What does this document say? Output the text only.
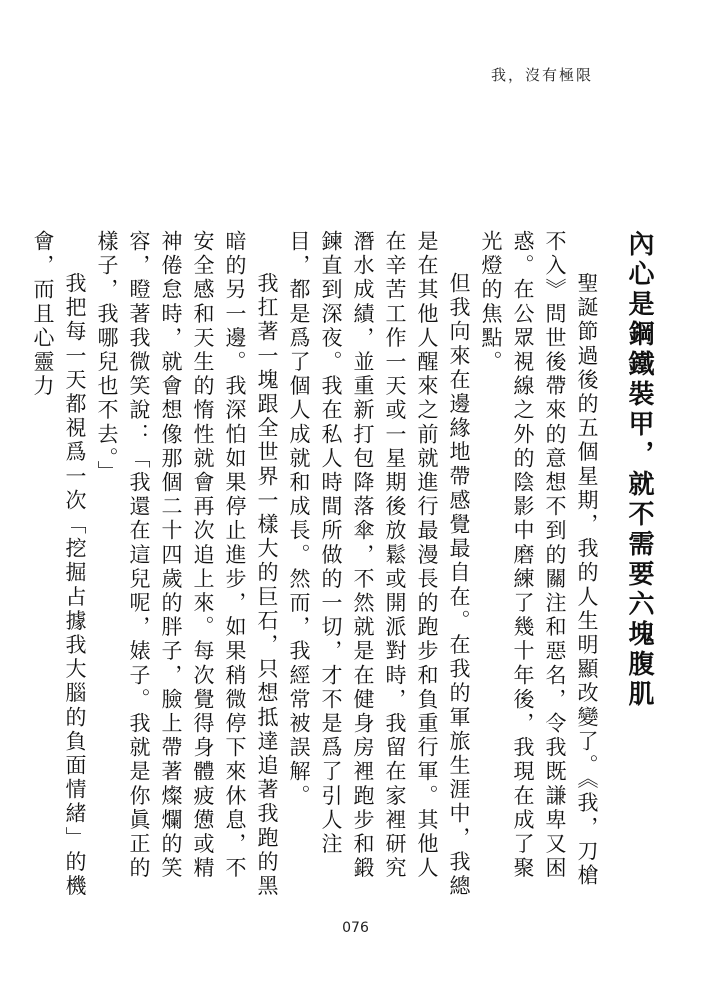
我，沒有極限
內心是鋼鐵裝甲，就不需要六塊腹肌

聖誕節過後的五個星期，我的人生明顯改變了。《我，刀槍不入》問世後帶來的意想不到的關注和惡名，令我既謙卑又困惑。在公眾視線之外的陰影中磨練了幾十年後，我現在成了聚光燈的焦點。

但我向來在邊緣地帶感覺最自在。在我的軍旅生涯中，我總是在其他人醒來之前就進行最漫長的跑步和負重行軍。其他人在辛苦工作一天或一星期後放鬆或開派對時，我留在家裡研究潛水成績，並重新打包降落傘，不然就是在健身房裡跑步和鍛鍊直到深夜。我在私人時間所做的一切，才不是爲了引人注目，都是爲了個人成就和成長。然而，我經常被誤解。

我扛著一塊跟全世界一樣大的巨石，只想抵達追著我跑的黑暗的另一邊。我深怕如果停止進步，如果稍微停下來休息，不安全感和天生的惰性就會再次追上來。每次覺得身體疲憊或精神倦怠時，就會想像那個二十四歲的胖子，臉上帶著燦爛的笑容，瞪著我微笑說：「我還在這兒呢，婊子。我就是你眞正的樣子，我哪兒也不去。」

我把每一天都視爲一次「挖掘占據我大腦的負面情緒」的機會，而且心靈力

076
